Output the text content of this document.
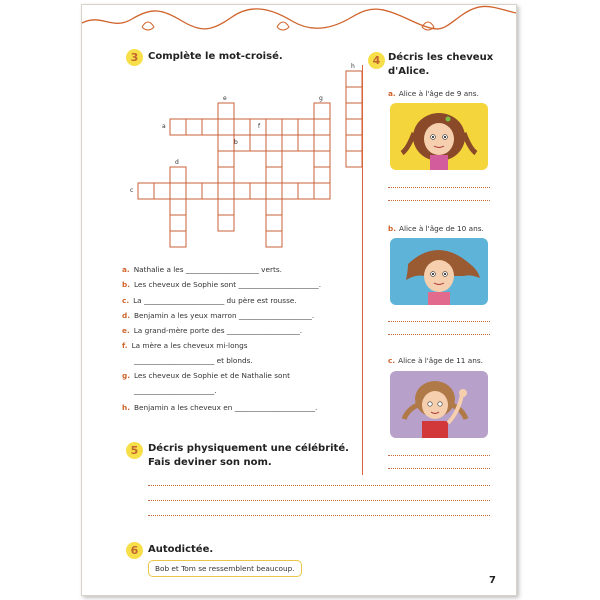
3 Complète le mot-croisé.
a
b
c
d
e
f
g
h
a. Nathalie a les ____________________ verts.
b. Les cheveux de Sophie sont ______________________.
c. La ______________________ du père est rousse.
d. Benjamin a les yeux marron ____________________.
e. La grand-mère porte des ____________________.
f. La mère a les cheveux mi-longs
______________________ et blonds.
g. Les cheveux de Sophie et de Nathalie sont
______________________.
h. Benjamin a les cheveux en ______________________.
4 Décris les cheveux
d'Alice.
a. Alice à l'âge de 9 ans.
b. Alice à l'âge de 10 ans.
c. Alice à l'âge de 11 ans.
5 Décris physiquement une célébrité.
Fais deviner son nom.
6 Autodictée.
Bob et Tom se ressemblent beaucoup.
7
